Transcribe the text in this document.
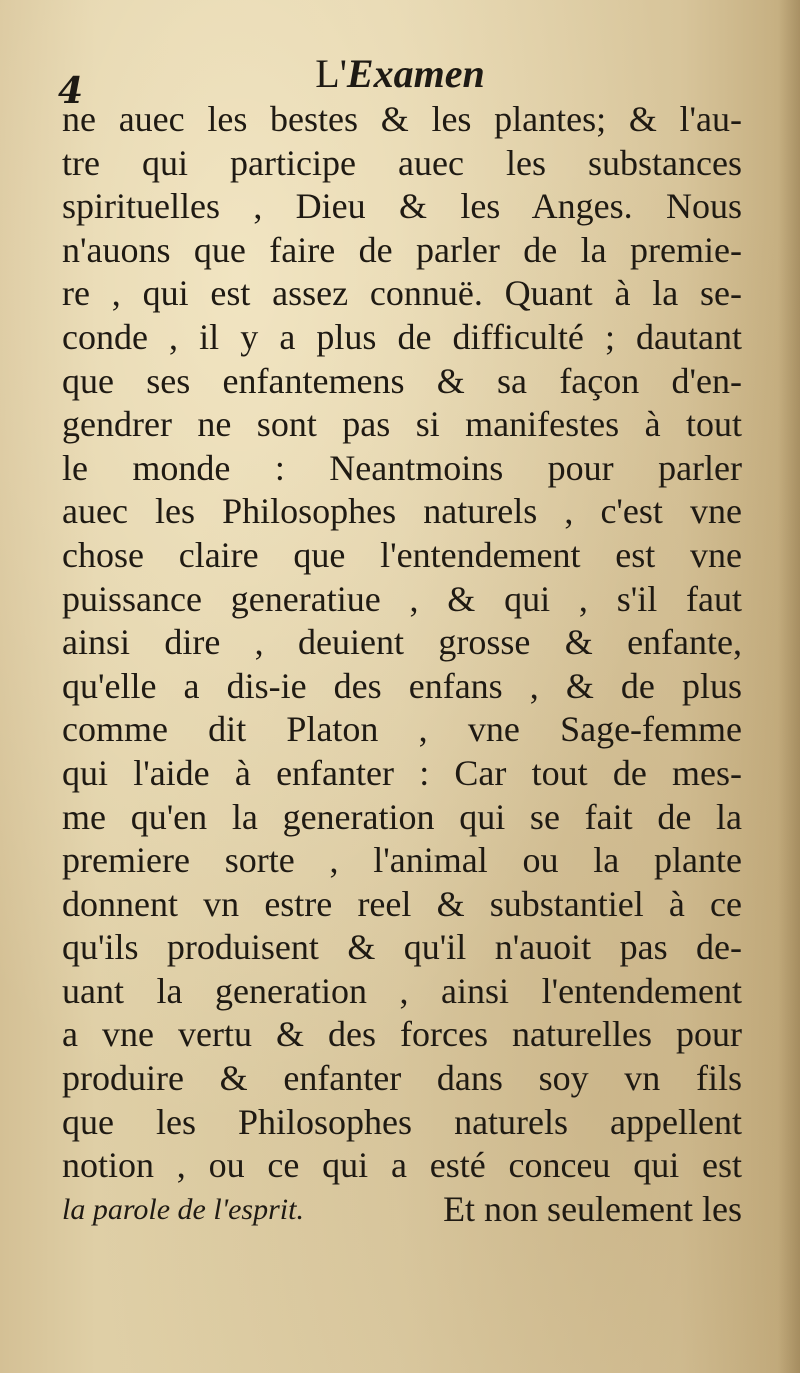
4	L'Examen
ne auec les bestes & les plantes; & l'au-
tre qui participe auec les substances
spirituelles , Dieu & les Anges. Nous
n'auons que faire de parler de la premie-
re , qui est assez connuë. Quant à la se-
conde , il y a plus de difficulté ; dautant
que ses enfantemens & sa façon d'en-
gendrer ne sont pas si manifestes à tout
le monde : Neantmoins pour parler
auec les Philosophes naturels , c'est vne
chose claire que l'entendement est vne
puissance generatiue , & qui , s'il faut
ainsi dire , deuient grosse & enfante,
qu'elle a dis-ie des enfans , & de plus
comme dit Platon , vne Sage-femme
qui l'aide à enfanter : Car tout de mes-
me qu'en la generation qui se fait de la
premiere sorte , l'animal ou la plante
donnent vn estre reel & substantiel à ce
qu'ils produisent & qu'il n'auoit pas de-
uant la generation , ainsi l'entendement
a vne vertu & des forces naturelles pour
produire & enfanter dans soy vn fils
que les Philosophes naturels appellent
notion , ou ce qui a esté conceu qui est
la parole de l'esprit.	Et non seulement les
